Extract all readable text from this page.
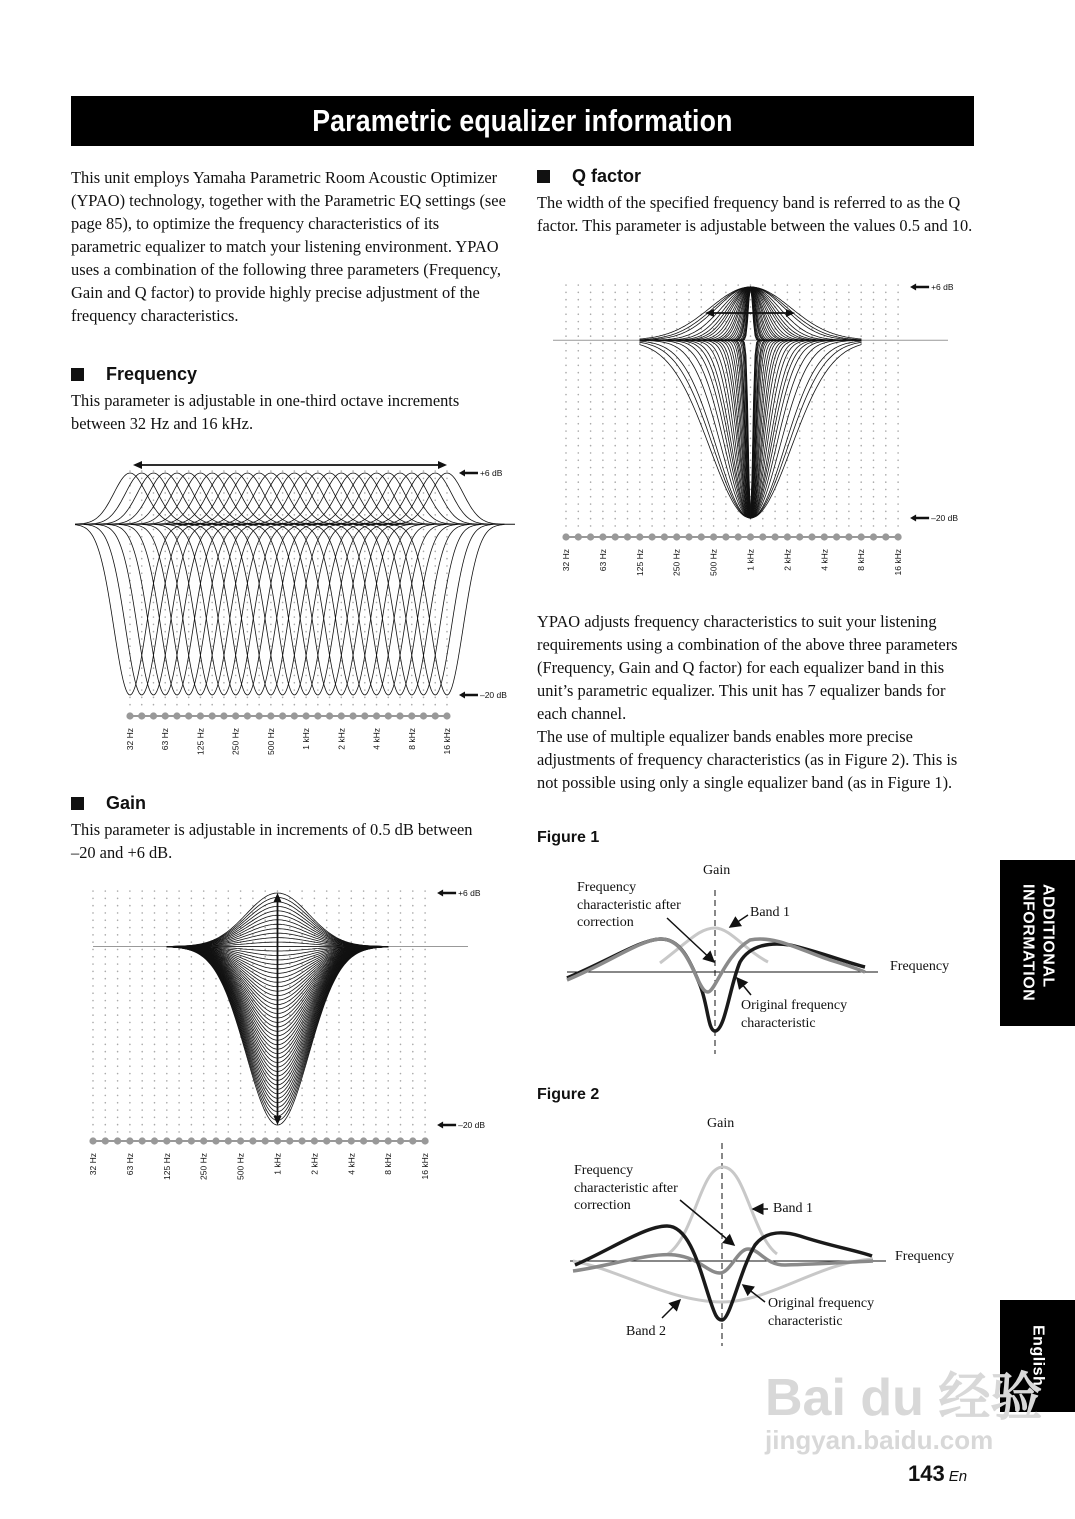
Parametric equalizer information

This unit employs Yamaha Parametric Room Acoustic Optimizer (YPAO) technology, together with the Parametric EQ settings (see page 85), to optimize the frequency characteristics of its parametric equalizer to match your listening environment. YPAO uses a combination of the following three parameters (Frequency, Gain and Q factor) to provide highly precise adjustment of the frequency characteristics.

Frequency

This parameter is adjustable in one-third octave increments between 32 Hz and 16 kHz.

32 Hz	63 Hz	125 Hz	250 Hz	500 Hz	1 kHz	2 kHz	4 kHz	8 kHz	16 kHz
+6 dB
–20 dB
Gain

This parameter is adjustable in increments of 0.5 dB between –20 and +6 dB.

32 Hz	63 Hz	125 Hz	250 Hz	500 Hz	1 kHz	2 kHz	4 kHz	8 kHz	16 kHz
+6 dB
–20 dB
Q factor

The width of the specified frequency band is referred to as the Q factor. This parameter is adjustable between the values 0.5 and 10.

32 Hz	63 Hz	125 Hz	250 Hz	500 Hz	1 kHz	2 kHz	4 kHz	8 kHz	16 kHz
+6 dB
–20 dB

YPAO adjusts frequency characteristics to suit your listening requirements using a combination of the above three parameters (Frequency, Gain and Q factor) for each equalizer band in this unit’s parametric equalizer. This unit has 7 equalizer bands for each channel.

The use of multiple equalizer bands enables more precise adjustments of frequency characteristics (as in Figure 2). This is not possible using only a single equalizer band (as in Figure 1).

Figure 1
Gain
Frequency
characteristic after
correction
Band 1
Frequency
Original frequency
characteristic
Figure 2
Gain
Frequency
characteristic after
correction	Band 1
Frequency
Original frequency
characteristic
Band 2
ADDITIONAL
INFORMATION
English
Bai du 经验
jingyan.baidu.com
143 En
